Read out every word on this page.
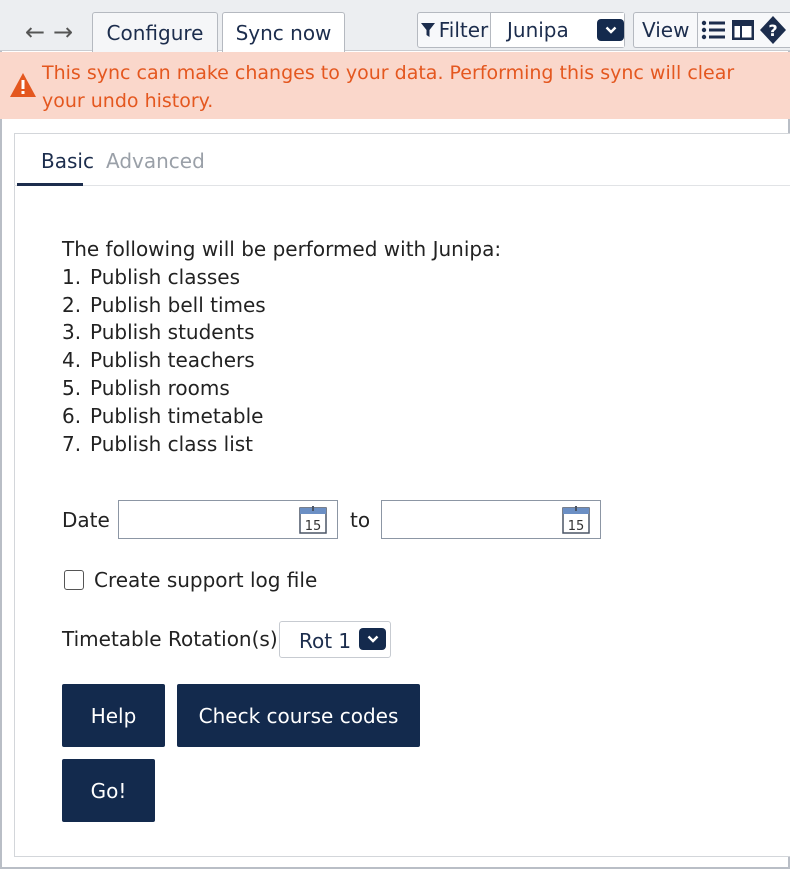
← →	Configure	Sync now	Filter Junipa	View	?
This sync can make changes to your data. Performing this sync will clear your undo history.
Basic Advanced
The following will be performed with Junipa:
1. Publish classes
2. Publish bell times
3. Publish students
4. Publish teachers
5. Publish rooms
6. Publish timetable
7. Publish class list
Date	15 to	15
Create support log file
Timetable Rotation(s) Rot 1
Help	Check course codes
Go!
